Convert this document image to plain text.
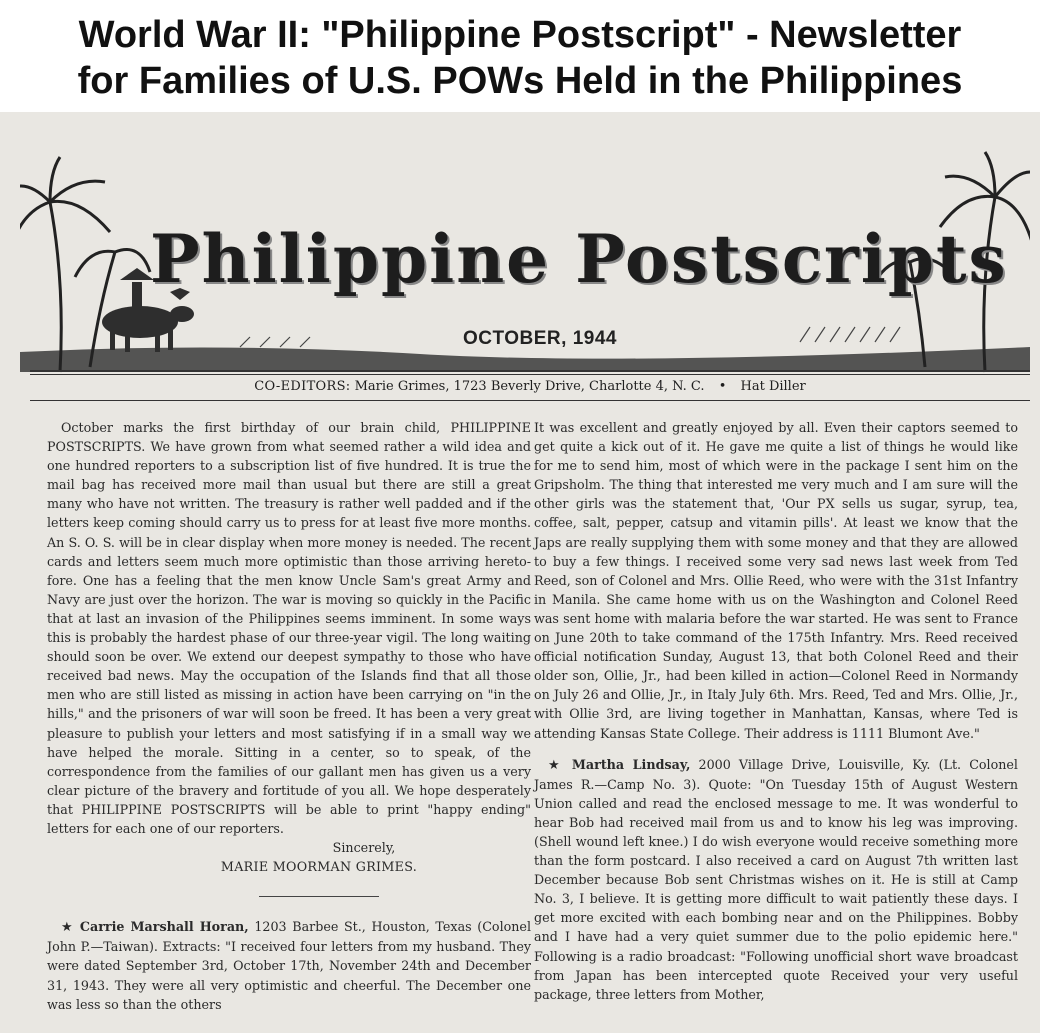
World War II: "Philippine Postscript" - Newsletter
for Families of U.S. POWs Held in the Philippines
Philippine Postscripts
OCTOBER, 1944
CO-EDITORS: Marie Grimes, 1723 Beverly Drive, Charlotte 4, N. C. • Hat Diller

October marks the first birthday of our brain child, PHILIPPINE POSTSCRIPTS. We have grown from what seemed rather a wild idea and one hundred reporters to a subscription list of five hundred. It is true the mail bag has received more mail than usual but there are still a great many who have not written. The treasury is rather well padded and if the letters keep coming should carry us to press for at least five more months. An S. O. S. will be in clear display when more money is needed. The recent cards and letters seem much more optimistic than those arriving hereto-fore. One has a feeling that the men know Uncle Sam's great Army and Navy are just over the horizon. The war is moving so quickly in the Pacific that at last an invasion of the Philippines seems imminent. In some ways this is probably the hardest phase of our three-year vigil. The long waiting should soon be over. We extend our deepest sympathy to those who have received bad news. May the occupation of the Islands find that all those men who are still listed as missing in action have been carrying on "in the hills," and the prisoners of war will soon be freed. It has been a very great pleasure to publish your letters and most satisfying if in a small way we have helped the morale. Sitting in a center, so to speak, of the correspondence from the families of our gallant men has given us a very clear picture of the bravery and fortitude of you all. We hope desperately that PHILIPPINE POSTSCRIPTS will be able to print "happy ending" letters for each one of our reporters.

Sincerely,
MARIE MOORMAN GRIMES.

★ Carrie Marshall Horan, 1203 Barbee St., Houston, Texas (Colonel John P.—Taiwan). Extracts: "I received four letters from my husband. They were dated September 3rd, October 17th, November 24th and December 31, 1943. They were all very optimistic and cheerful. The December one was less so than the others

It was excellent and greatly enjoyed by all. Even their captors seemed to get quite a kick out of it. He gave me quite a list of things he would like for me to send him, most of which were in the package I sent him on the Gripsholm. The thing that interested me very much and I am sure will the other girls was the statement that, 'Our PX sells us sugar, syrup, tea, coffee, salt, pepper, catsup and vitamin pills'. At least we know that the Japs are really supplying them with some money and that they are allowed to buy a few things. I received some very sad news last week from Ted Reed, son of Colonel and Mrs. Ollie Reed, who were with the 31st Infantry in Manila. She came home with us on the Washington and Colonel Reed was sent home with malaria before the war started. He was sent to France on June 20th to take command of the 175th Infantry. Mrs. Reed received official notification Sunday, August 13, that both Colonel Reed and their older son, Ollie, Jr., had been killed in action—Colonel Reed in Normandy on July 26 and Ollie, Jr., in Italy July 6th. Mrs. Reed, Ted and Mrs. Ollie, Jr., with Ollie 3rd, are living together in Manhattan, Kansas, where Ted is attending Kansas State College. Their address is 1111 Blumont Ave."

★ Martha Lindsay, 2000 Village Drive, Louisville, Ky. (Lt. Colonel James R.—Camp No. 3). Quote: "On Tuesday 15th of August Western Union called and read the enclosed message to me. It was wonderful to hear Bob had received mail from us and to know his leg was improving. (Shell wound left knee.) I do wish everyone would receive something more than the form postcard. I also received a card on August 7th written last December because Bob sent Christmas wishes on it. He is still at Camp No. 3, I believe. It is getting more difficult to wait patiently these days. I get more excited with each bombing near and on the Philippines. Bobby and I have had a very quiet summer due to the polio epidemic here." Following is a radio broadcast: "Following unofficial short wave broadcast from Japan has been intercepted quote Received your very useful package, three letters from Mother,
